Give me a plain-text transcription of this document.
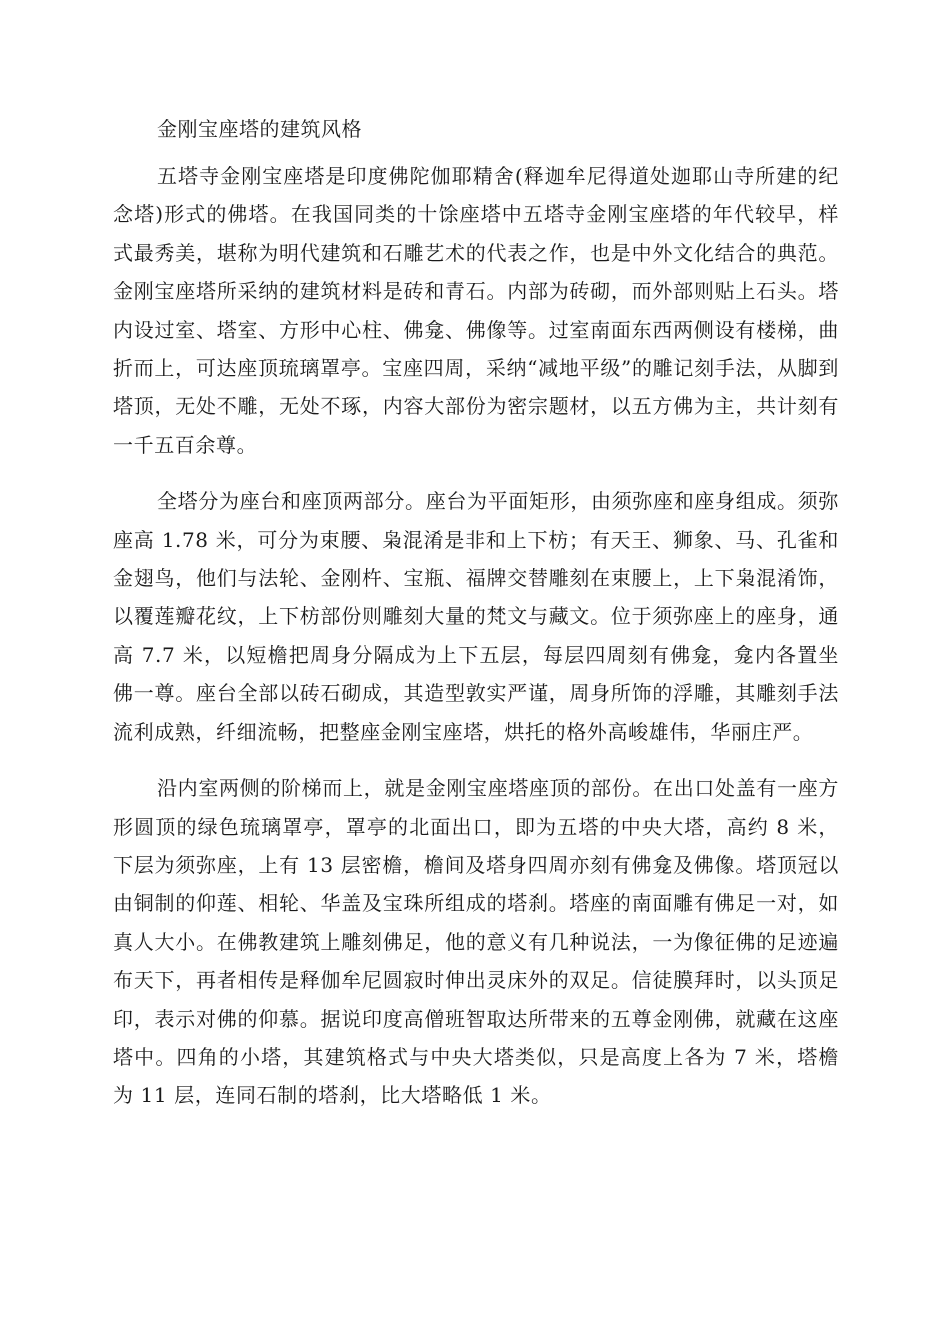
金刚宝座塔的建筑风格

五塔寺金刚宝座塔是印度佛陀伽耶精舍(释迦牟尼得道处迦耶山寺所建的纪念塔)形式的佛塔。在我国同类的十馀座塔中五塔寺金刚宝座塔的年代较早，样式最秀美，堪称为明代建筑和石雕艺术的代表之作，也是中外文化结合的典范。金刚宝座塔所采纳的建筑材料是砖和青石。内部为砖砌，而外部则贴上石头。塔内设过室、塔室、方形中心柱、佛龛、佛像等。过室南面东西两侧设有楼梯，曲折而上，可达座顶琉璃罩亭。宝座四周，采纳“减地平级”的雕记刻手法，从脚到塔顶，无处不雕，无处不琢，内容大部份为密宗题材，以五方佛为主，共计刻有一千五百余尊。

全塔分为座台和座顶两部分。座台为平面矩形，由须弥座和座身组成。须弥座高 1.78 米，可分为束腰、枭混淆是非和上下枋；有天王、狮象、马、孔雀和金翅鸟，他们与法轮、金刚杵、宝瓶、福牌交替雕刻在束腰上，上下枭混淆饰，以覆莲瓣花纹，上下枋部份则雕刻大量的梵文与藏文。位于须弥座上的座身，通高 7.7 米，以短檐把周身分隔成为上下五层，每层四周刻有佛龛，龛内各置坐佛一尊。座台全部以砖石砌成，其造型敦实严谨，周身所饰的浮雕，其雕刻手法流利成熟，纤细流畅，把整座金刚宝座塔，烘托的格外高峻雄伟，华丽庄严。

沿内室两侧的阶梯而上，就是金刚宝座塔座顶的部份。在出口处盖有一座方形圆顶的绿色琉璃罩亭，罩亭的北面出口，即为五塔的中央大塔，高约 8 米，下层为须弥座，上有 13 层密檐，檐间及塔身四周亦刻有佛龛及佛像。塔顶冠以由铜制的仰莲、相轮、华盖及宝珠所组成的塔刹。塔座的南面雕有佛足一对，如真人大小。在佛教建筑上雕刻佛足，他的意义有几种说法，一为像征佛的足迹遍布天下，再者相传是释伽牟尼圆寂时伸出灵床外的双足。信徒膜拜时，以头顶足印，表示对佛的仰慕。据说印度高僧班智取达所带来的五尊金刚佛，就藏在这座塔中。四角的小塔，其建筑格式与中央大塔类似，只是高度上各为 7 米，塔檐为 11 层，连同石制的塔刹，比大塔略低 1 米。
